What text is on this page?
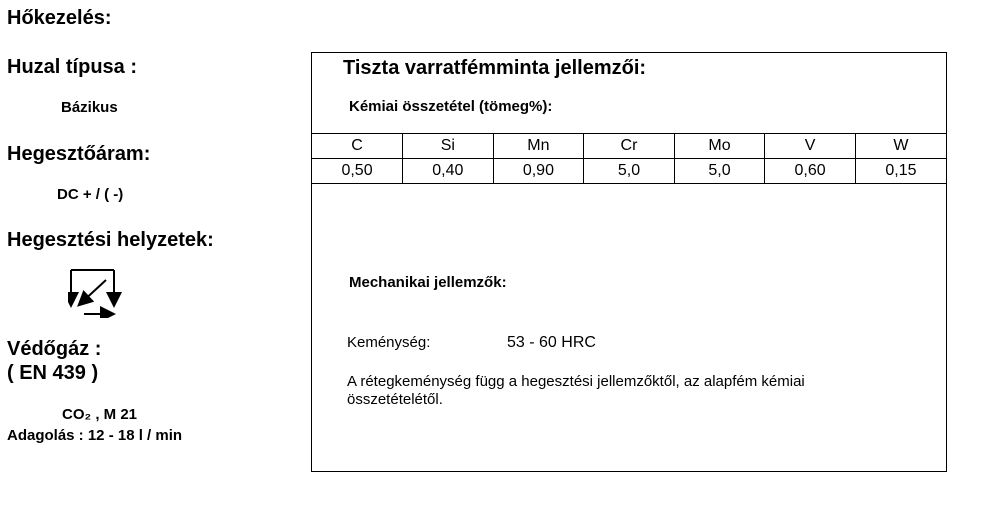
Hőkezelés:
Huzal típusa :
Bázikus
Hegesztőáram:
DC + / ( -)
Hegesztési helyzetek:
Védőgáz :
( EN 439 )
CO₂ , M 21
Adagolás : 12 - 18 l / min
Tiszta varratfémminta jellemzői:
Kémiai összetétel (tömeg%):
C	Si	Mn	Cr	Mo	V	W
0,50	0,40	0,90	5,0	5,0	0,60	0,15
Mechanikai jellemzők:
Keménység:	53 - 60 HRC
A rétegkeménység függ a hegesztési jellemzőktől, az alapfém kémiai összetételétől.
